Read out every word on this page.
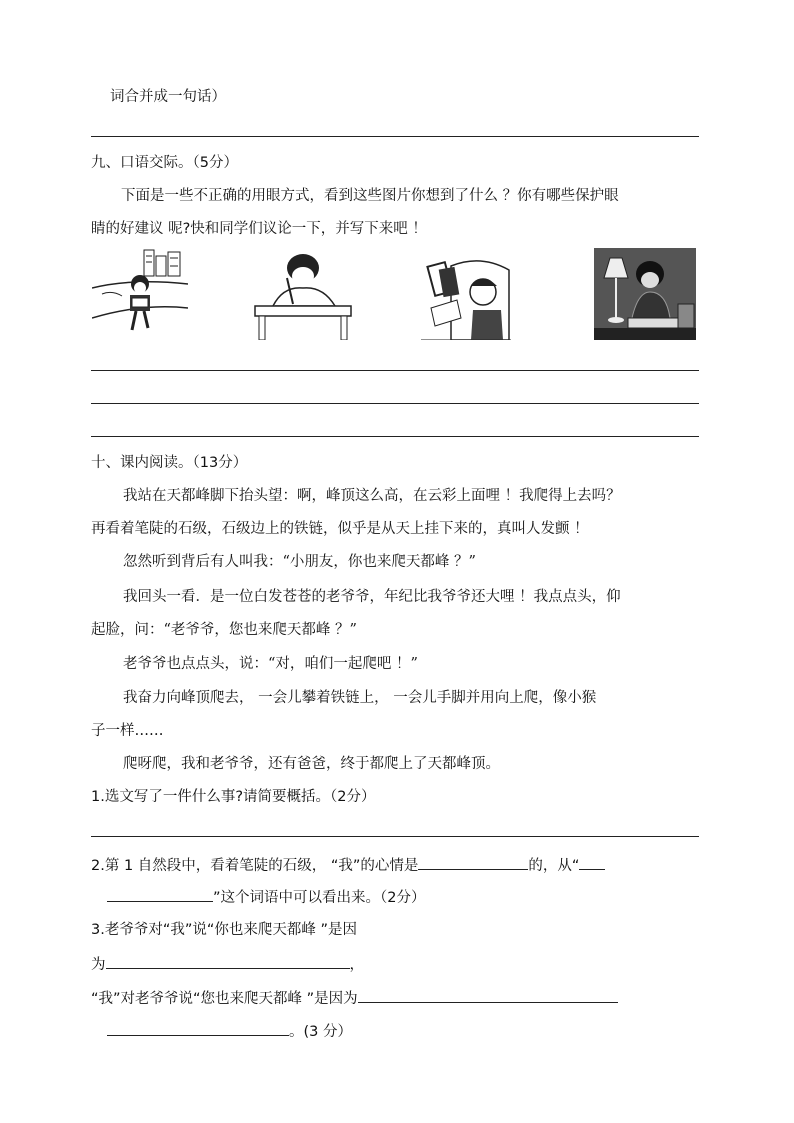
词合并成一句话）
九、口语交际。（5分）
下面是一些不正确的用眼方式，看到这些图片你想到了什么 ？你有哪些保护眼
睛的好建议 呢?快和同学们议论一下，并写下来吧 ！
十、课内阅读。（13分）
我站在天都峰脚下抬头望：啊，峰顶这么高，在云彩上面哩 ！我爬得上去吗？
再看着笔陡的石级，石级边上的铁链，似乎是从天上挂下来的，真叫人发颤 ！
忽然听到背后有人叫我：“小朋友，你也来爬天都峰 ？”
我回头一看．是一位白发苍苍的老爷爷，年纪比我爷爷还大哩 ！我点点头，仰
起脸，问：“老爷爷，您也来爬天都峰 ？”
老爷爷也点点头，说：“对，咱们一起爬吧 ！”
我奋力向峰顶爬去， 一会儿攀着铁链上， 一会儿手脚并用向上爬，像小猴
子一样……
爬呀爬，我和老爷爷，还有爸爸，终于都爬上了天都峰顶。
1.选文写了一件什么事?请简要概括。（2分）
2.第 1 自然段中，看着笔陡的石级， “我”的心情是	的，从“
”这个词语中可以看出来。（2分）
3.老爷爷对“我”说“你也来爬天都峰 ”是因
为	，
“我”对老爷爷说“您也来爬天都峰 ”是因为
。(3 分）
